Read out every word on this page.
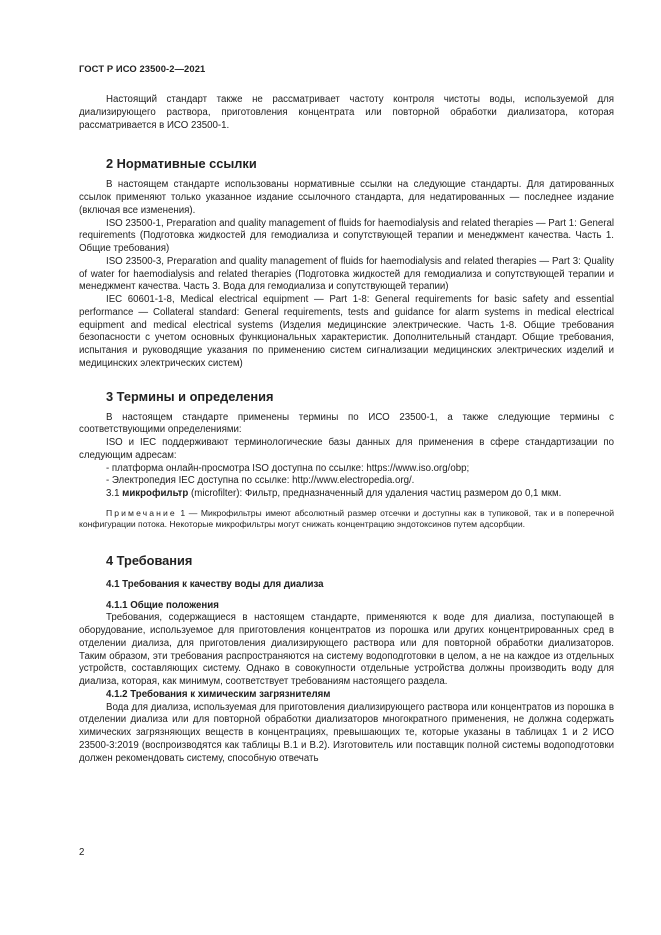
ГОСТ Р ИСО 23500-2—2021

Настоящий стандарт также не рассматривает частоту контроля чистоты воды, используемой для диализирующего раствора, приготовления концентрата или повторной обработки диализатора, которая рассматривается в ИСО 23500-1.

2 Нормативные ссылки

В настоящем стандарте использованы нормативные ссылки на следующие стандарты. Для датированных ссылок применяют только указанное издание ссылочного стандарта, для недатированных — последнее издание (включая все изменения).

ISO 23500-1, Preparation and quality management of fluids for haemodialysis and related therapies — Part 1: General requirements (Подготовка жидкостей для гемодиализа и сопутствующей терапии и менеджмент качества. Часть 1. Общие требования)

ISO 23500-3, Preparation and quality management of fluids for haemodialysis and related therapies — Part 3: Quality of water for haemodialysis and related therapies (Подготовка жидкостей для гемодиализа и сопутствующей терапии и менеджмент качества. Часть 3. Вода для гемодиализа и сопутствующей терапии)

IEC 60601-1-8, Medical electrical equipment — Part 1-8: General requirements for basic safety and essential performance — Collateral standard: General requirements, tests and guidance for alarm systems in medical electrical equipment and medical electrical systems (Изделия медицинские электрические. Часть 1-8. Общие требования безопасности с учетом основных функциональных характеристик. Дополнительный стандарт. Общие требования, испытания и руководящие указания по применению систем сигнализации медицинских электрических изделий и медицинских электрических систем)

3 Термины и определения

В настоящем стандарте применены термины по ИСО 23500-1, а также следующие термины с соответствующими определениями:

ISO и IEC поддерживают терминологические базы данных для применения в сфере стандартизации по следующим адресам:

- платформа онлайн-просмотра ISO доступна по ссылке: https://www.iso.org/obp;

- Электропедия IEC доступна по ссылке: http://www.electropedia.org/.

3.1 микрофильтр (microfilter): Фильтр, предназначенный для удаления частиц размером до 0,1 мкм.

Примечание 1 — Микрофильтры имеют абсолютный размер отсечки и доступны как в тупиковой, так и в поперечной конфигурации потока. Некоторые микрофильтры могут снижать концентрацию эндотоксинов путем адсорбции.

4 Требования
4.1 Требования к качеству воды для диализа
4.1.1 Общие положения

Требования, содержащиеся в настоящем стандарте, применяются к воде для диализа, поступающей в оборудование, используемое для приготовления концентратов из порошка или других концентрированных сред в отделении диализа, для приготовления диализирующего раствора или для повторной обработки диализаторов. Таким образом, эти требования распространяются на систему водоподготовки в целом, а не на каждое из отдельных устройств, составляющих систему. Однако в совокупности отдельные устройства должны производить воду для диализа, которая, как минимум, соответствует требованиям настоящего раздела.

4.1.2 Требования к химическим загрязнителям

Вода для диализа, используемая для приготовления диализирующего раствора или концентратов из порошка в отделении диализа или для повторной обработки диализаторов многократного применения, не должна содержать химических загрязняющих веществ в концентрациях, превышающих те, которые указаны в таблицах 1 и 2 ИСО 23500-3:2019 (воспроизводятся как таблицы В.1 и В.2). Изготовитель или поставщик полной системы водоподготовки должен рекомендовать систему, способную отвечать

2
